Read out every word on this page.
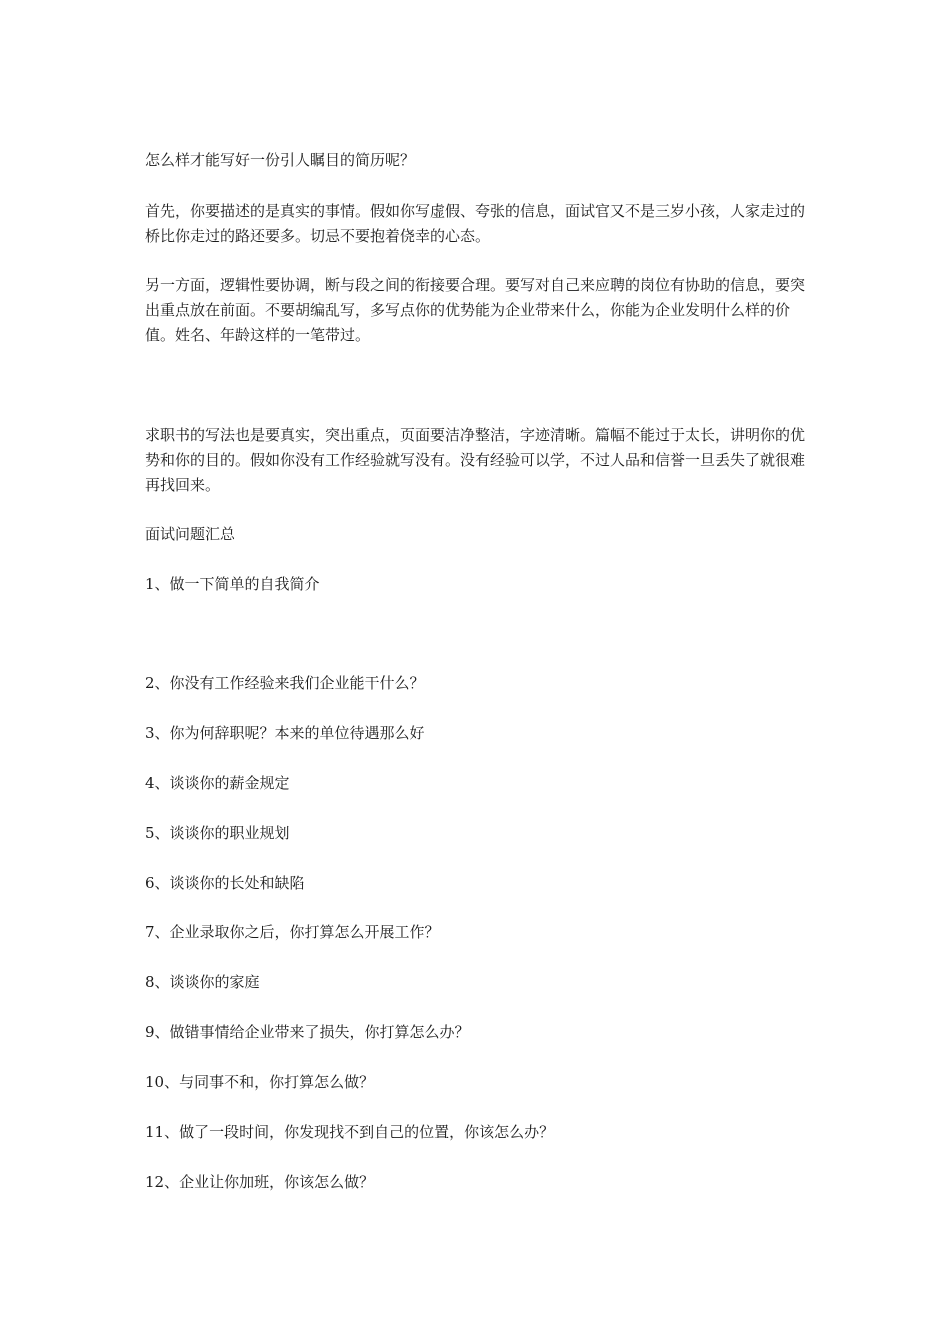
怎么样才能写好一份引人瞩目的简历呢？

首先，你要描述的是真实的事情。假如你写虚假、夸张的信息，面试官又不是三岁小孩，人家走过的桥比你走过的路还要多。切忌不要抱着侥幸的心态。

另一方面，逻辑性要协调，断与段之间的衔接要合理。要写对自己来应聘的岗位有协助的信息，要突出重点放在前面。不要胡编乱写，多写点你的优势能为企业带来什么，你能为企业发明什么样的价值。姓名、年龄这样的一笔带过。

求职书的写法也是要真实，突出重点，页面要洁净整洁，字迹清晰。篇幅不能过于太长，讲明你的优势和你的目的。假如你没有工作经验就写没有。没有经验可以学，不过人品和信誉一旦丢失了就很难再找回来。

面试问题汇总

1、做一下简单的自我简介

2、你没有工作经验来我们企业能干什么？

3、你为何辞职呢？本来的单位待遇那么好

4、谈谈你的薪金规定

5、谈谈你的职业规划

6、谈谈你的长处和缺陷

7、企业录取你之后，你打算怎么开展工作？

8、谈谈你的家庭

9、做错事情给企业带来了损失，你打算怎么办？

10、与同事不和，你打算怎么做？

11、做了一段时间，你发现找不到自己的位置，你该怎么办？

12、企业让你加班，你该怎么做？
